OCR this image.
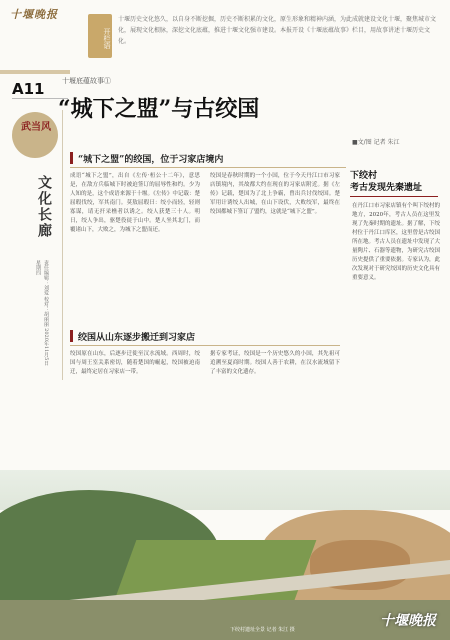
十堰晚报
开栏语
十堰历史文化悠久，以自身不断挖掘，历史不断积累的文化，原生形象和精神内涵，为此成就建设文化十堰，聚焦城市文化，展现文化根脉，深挖文化底蕴，推进十堰文化强市建设。本报开设《十堰底蕴故事》栏目，用故事讲述十堰历史文化。
A11
武当风
文化长廊
责任编辑：刘爱 校对：胡丽丽 2020年11月5日 星期四
十堰底蕴故事①
“城下之盟”与古绞国
■文/图 记者 朱江
“城下之盟”的绞国，位于习家店境内
成语“城下之盟”，出自《左传·桓公十二年》，意思是，在敌方兵临城下时被迫签订的屈辱性和约。少为人知的是，这个成语来源于十堰。《左传》中记载：楚屈瑕伐绞，军其南门。莫敖屈瑕曰：绞小而轻，轻则寡谋，请无扞采樵者以诱之。绞人获楚三十人。明日，绞人争出，驱楚役徒于山中。楚人坐其北门，而覆诸山下，大败之，为城下之盟而还。
绞国是春秋时期的一个小国，位于今天丹江口市习家店镇境内，其故都大约在现在的习家店附近。据《左传》记载，楚国为了北上争霸，曾出兵讨伐绞国。楚军用计诱绞人出城，在山下设伏，大败绞军，最终在绞国都城下签订了盟约，这就是“城下之盟”。
下绞村
考古发现先秦遗址
在丹江口市习家店镇有个叫下绞村的地方，2020年，考古人员在这里发现了先秦时期的遗址。据了解，下绞村位于丹江口库区，这里曾是古绞国所在地。考古人员在遗址中发现了大量陶片、石器等遗物，为研究古绞国历史提供了重要依据。专家认为，此次发现对于研究绞国的历史文化具有重要意义。
绞国从山东逐步搬迁到习家店
绞国原在山东，后逐步迁徙至汉水流域。西周时，绞国与周王室关系密切，随着楚国的崛起，绞国被迫南迁，最终定居在习家店一带。
据专家考证，绞国是一个历史悠久的小国，其先祖可追溯至夏商时期。绞国人善于农耕，在汉水流域留下了丰富的文化遗存。
下绞村遗址全景 记者 朱江 摄
十堰晚报
